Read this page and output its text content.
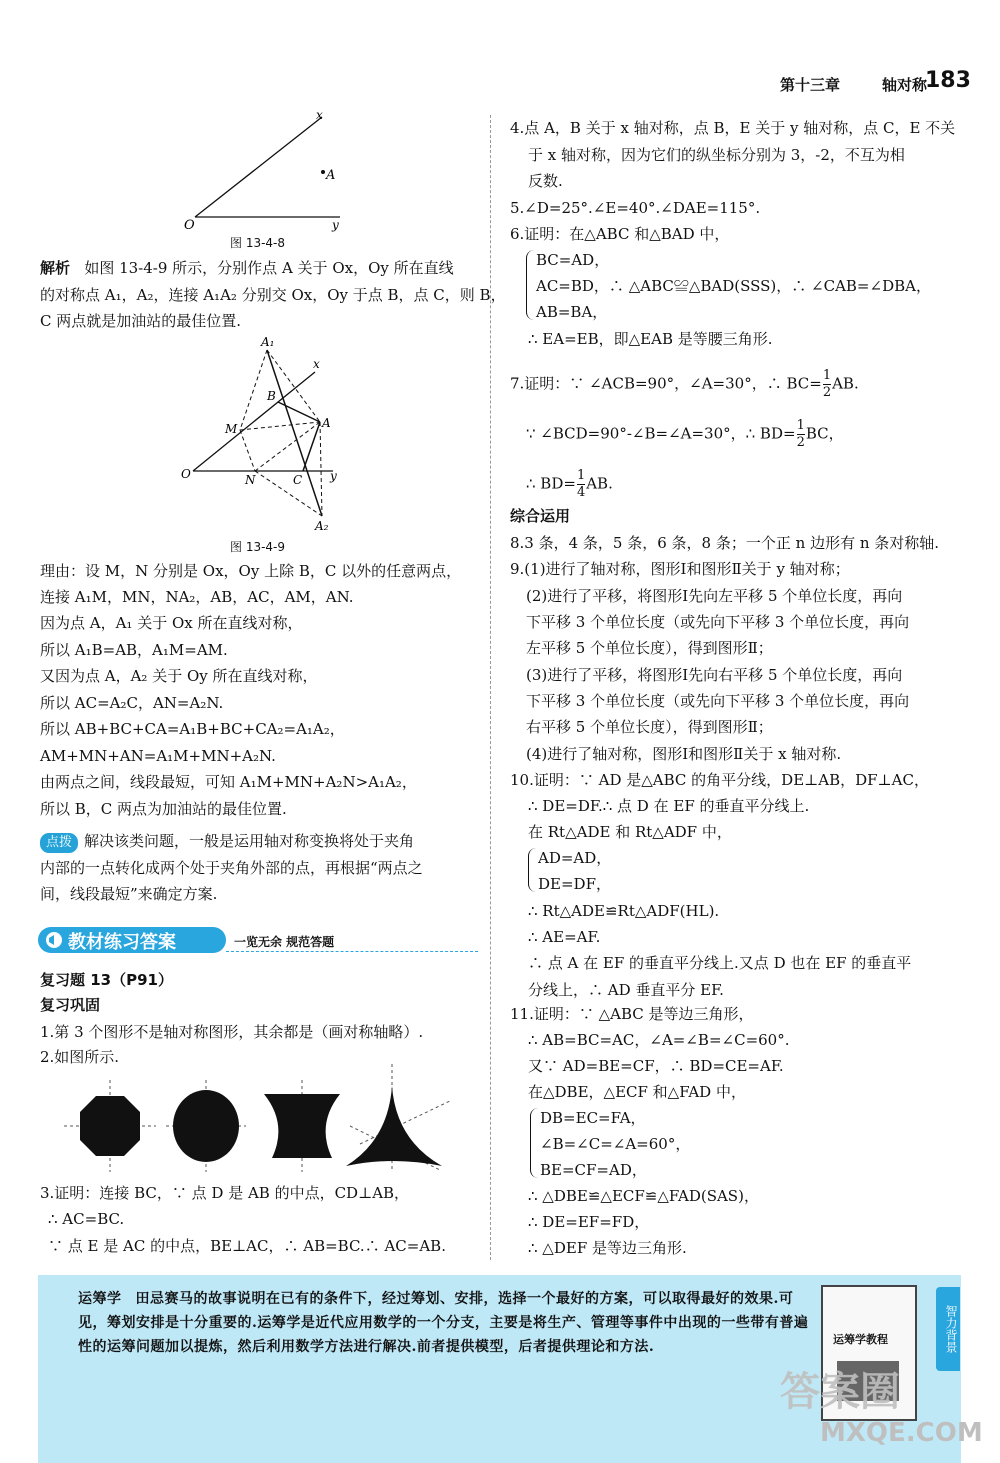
第十三章	轴对称
183
x
A
O	y
图 13-4-8
解析 如图 13-4-9 所示，分别作点 A 关于 Ox，Oy 所在直线
的对称点 A₁，A₂，连接 A₁A₂ 分别交 Ox，Oy 于点 B，点 C，则 B，
C 两点就是加油站的最佳位置.
A₁
x
B
M	A
O	N	C y
A₂
图 13-4-9
理由：设 M，N 分别是 Ox，Oy 上除 B，C 以外的任意两点，
连接 A₁M，MN，NA₂，AB，AC，AM，AN.
因为点 A，A₁ 关于 Ox 所在直线对称，
所以 A₁B=AB，A₁M=AM.
又因为点 A，A₂ 关于 Oy 所在直线对称，
所以 AC=A₂C，AN=A₂N.
所以 AB+BC+CA=A₁B+BC+CA₂=A₁A₂，
AM+MN+AN=A₁M+MN+A₂N.
由两点之间，线段最短，可知 A₁M+MN+A₂N>A₁A₂，
所以 B，C 两点为加油站的最佳位置.
点拨 解决该类问题，一般是运用轴对称变换将处于夹角
内部的一点转化成两个处于夹角外部的点，再根据“两点之
间，线段最短”来确定方案.
教材练习答案	一览无余 规范答题
复习题 13（P91）
复习巩固
1.第 3 个图形不是轴对称图形，其余都是（画对称轴略）.
2.如图所示.
3.证明：连接 BC，∵ 点 D 是 AB 的中点，CD⊥AB，
∴ AC=BC.
∵ 点 E 是 AC 的中点，BE⊥AC，∴ AB=BC.∴ AC=AB.
4.点 A，B 关于 x 轴对称，点 B，E 关于 y 轴对称，点 C，E 不关
于 x 轴对称，因为它们的纵坐标分别为 3，-2，不互为相
反数.
5.∠D=25°.∠E=40°.∠DAE=115°.
6.证明：在△ABC 和△BAD 中，
BC=AD，
AC=BD，∴ △ABC≌△BAD(SSS)，∴ ∠CAB=∠DBA，
AB=BA，
∴ EA=EB，即△EAB 是等腰三角形.
7.证明：∵ ∠ACB=90°，∠A=30°，∴ $BC= \frac{1}{2}$ AB.
∵ ∠BCD=90°-∠B=∠A=30°，∴ $BD= \frac{1}{2}$ BC，
∴ $BD= \frac{1}{4}$ AB.
综合运用
8.3 条，4 条，5 条，6 条，8 条；一个正 n 边形有 n 条对称轴.
9.(1)进行了轴对称，图形Ⅰ和图形Ⅱ关于 y 轴对称；
(2)进行了平移，将图形Ⅰ先向左平移 5 个单位长度，再向
下平移 3 个单位长度（或先向下平移 3 个单位长度，再向
左平移 5 个单位长度），得到图形Ⅱ；
(3)进行了平移，将图形Ⅰ先向右平移 5 个单位长度，再向
下平移 3 个单位长度（或先向下平移 3 个单位长度，再向
右平移 5 个单位长度），得到图形Ⅱ；
(4)进行了轴对称，图形Ⅰ和图形Ⅱ关于 x 轴对称.
10.证明：∵ AD 是△ABC 的角平分线，DE⊥AB，DF⊥AC，
∴ DE=DF.∴ 点 D 在 EF 的垂直平分线上.
在 Rt△ADE 和 Rt△ADF 中，
AD=AD，
DE=DF，
∴ Rt△ADE≌Rt△ADF(HL).
∴ AE=AF.
∴ 点 A 在 EF 的垂直平分线上.又点 D 也在 EF 的垂直平
分线上，∴ AD 垂直平分 EF.
11.证明：∵ △ABC 是等边三角形，
∴ AB=BC=AC，∠A=∠B=∠C=60°.
又∵ AD=BE=CF，∴ BD=CE=AF.
在△DBE，△ECF 和△FAD 中，
DB=EC=FA，
∠B=∠C=∠A=60°，
BE=CF=AD，
∴ △DBE≌△ECF≌△FAD(SAS)，
∴ DE=EF=FD，
∴ △DEF 是等边三角形.
运筹学 田忌赛马的故事说明在已有的条件下，经过筹划、安排，选择一个最好的方案，可以取得最好的效果.可见，筹划安排是十分重要的.运筹学是近代应用数学的一个分支，主要是将生产、管理等事件中出现的一些带有普遍性的运筹问题加以提炼，然后利用数学方法进行解决.前者提供模型，后者提供理论和方法.	运筹学教程	智力背景
答案圈
MXQE.COM
